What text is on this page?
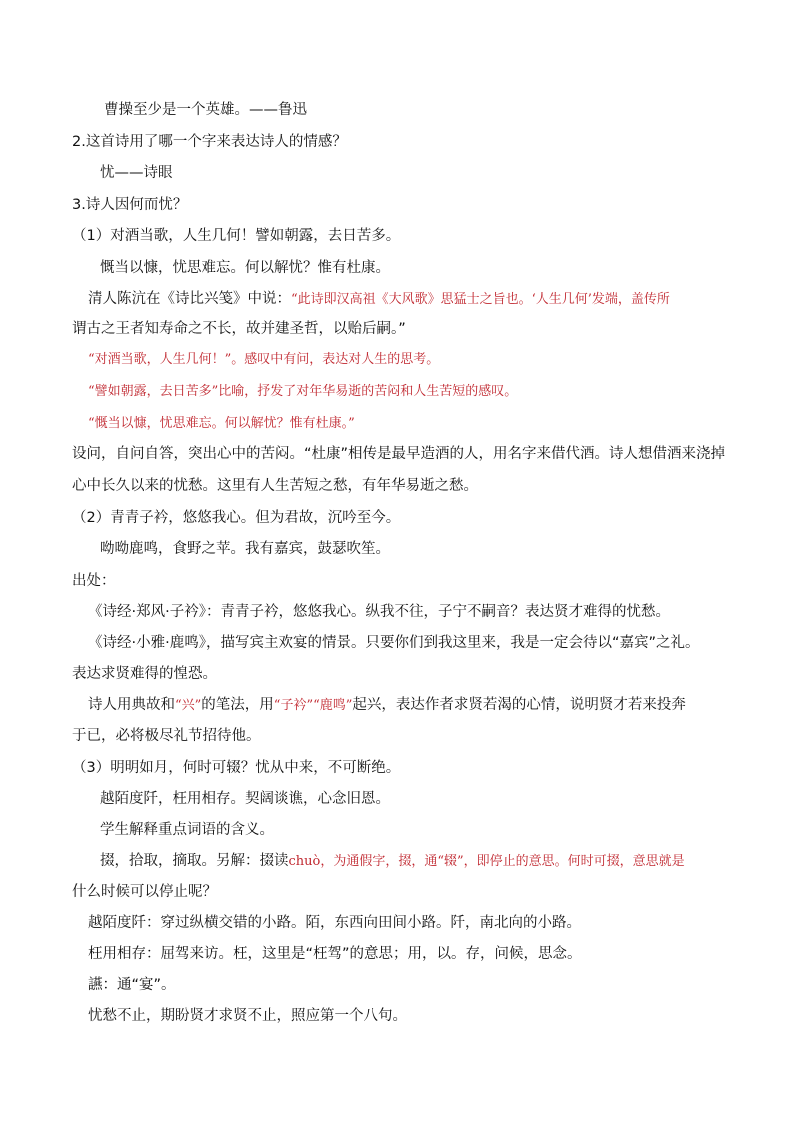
曹操至少是一个英雄。——鲁迅
2.这首诗用了哪一个字来表达诗人的情感？
忧——诗眼
3.诗人因何而忧？
（1）对酒当歌，人生几何！譬如朝露，去日苦多。
慨当以慷，忧思难忘。何以解忧？惟有杜康。
清人陈沆在《诗比兴笺》中说：“此诗即汉高祖《大风歌》思猛士之旨也。‘人生几何’发端，盖传所
谓古之王者知寿命之不长，故并建圣哲，以贻后嗣。”
“对酒当歌，人生几何！”。感叹中有问，表达对人生的思考。
“譬如朝露，去日苦多”比喻，抒发了对年华易逝的苦闷和人生苦短的感叹。
“慨当以慷，忧思难忘。何以解忧？惟有杜康。”
设问，自问自答，突出心中的苦闷。“杜康”相传是最早造酒的人，用名字来借代酒。诗人想借酒来浇掉
心中长久以来的忧愁。这里有人生苦短之愁，有年华易逝之愁。
（2）青青子衿，悠悠我心。但为君故，沉吟至今。
呦呦鹿鸣，食野之苹。我有嘉宾，鼓瑟吹笙。
出处：
《诗经·郑风·子衿》：青青子衿，悠悠我心。纵我不往，子宁不嗣音？表达贤才难得的忧愁。
《诗经·小雅·鹿鸣》，描写宾主欢宴的情景。只要你们到我这里来，我是一定会待以“嘉宾”之礼。
表达求贤难得的惶恐。
诗人用典故和“兴”的笔法，用“子衿”“鹿鸣”起兴，表达作者求贤若渴的心情，说明贤才若来投奔
于已，必将极尽礼节招待他。
（3）明明如月，何时可辍？忧从中来，不可断绝。
越陌度阡，枉用相存。契阔谈谯，心念旧恩。
学生解释重点词语的含义。
掇，拾取，摘取。另解：掇读chuò，为通假字，掇，通“辍”，即停止的意思。何时可掇，意思就是
什么时候可以停止呢？
越陌度阡：穿过纵横交错的小路。陌，东西向田间小路。阡，南北向的小路。
枉用相存：屈驾来访。枉，这里是“枉驾”的意思；用，以。存，问候，思念。
讌：通“宴”。
忧愁不止，期盼贤才求贤不止，照应第一个八句。
